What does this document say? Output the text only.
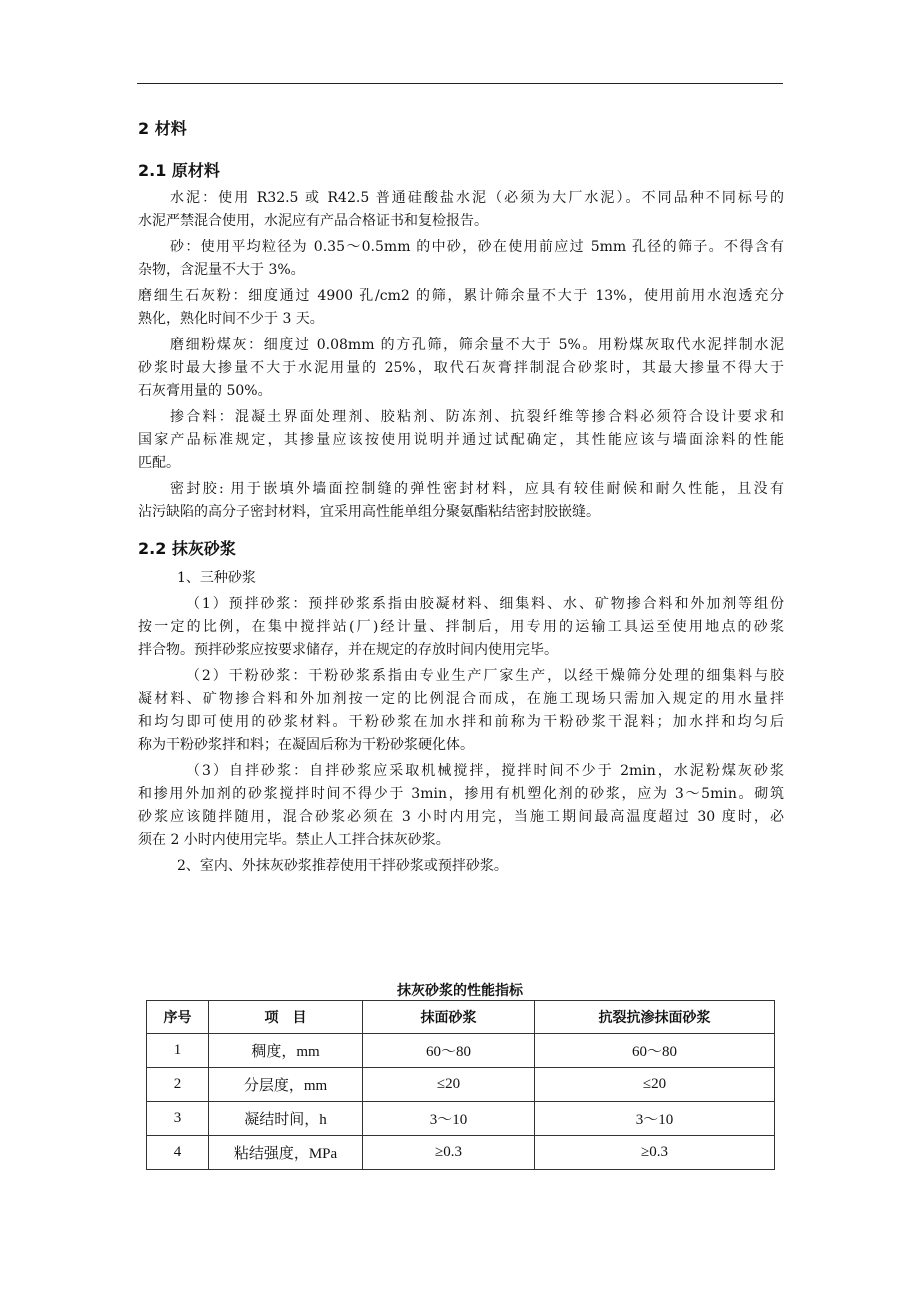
2 材料
2.1 原材料
水泥：使用 R32.5 或 R42.5 普通硅酸盐水泥（必须为大厂水泥）。不同品种不同标号的
水泥严禁混合使用，水泥应有产品合格证书和复检报告。
砂：使用平均粒径为 0.35～0.5mm 的中砂，砂在使用前应过 5mm 孔径的筛子。不得含有
杂物，含泥量不大于 3%。
磨细生石灰粉：细度通过 4900 孔/cm2 的筛，累计筛余量不大于 13%，使用前用水泡透充分
熟化，熟化时间不少于 3 天。
磨细粉煤灰：细度过 0.08mm 的方孔筛，筛余量不大于 5%。用粉煤灰取代水泥拌制水泥
砂浆时最大掺量不大于水泥用量的 25%，取代石灰膏拌制混合砂浆时，其最大掺量不得大于
石灰膏用量的 50%。
掺合料：混凝土界面处理剂、胶粘剂、防冻剂、抗裂纤维等掺合料必须符合设计要求和
国家产品标准规定，其掺量应该按使用说明并通过试配确定，其性能应该与墙面涂料的性能
匹配。
密封胶: 用于嵌填外墙面控制缝的弹性密封材料，应具有较佳耐候和耐久性能，且没有
沾污缺陷的高分子密封材料，宜采用高性能单组分聚氨酯粘结密封胶嵌缝。
2.2 抹灰砂浆
1、三种砂浆
（1）预拌砂浆：预拌砂浆系指由胶凝材料、细集料、水、矿物掺合料和外加剂等组份
按一定的比例，在集中搅拌站(厂)经计量、拌制后，用专用的运输工具运至使用地点的砂浆
拌合物。预拌砂浆应按要求储存，并在规定的存放时间内使用完毕。
（2）干粉砂浆：干粉砂浆系指由专业生产厂家生产，以经干燥筛分处理的细集料与胶
凝材料、矿物掺合料和外加剂按一定的比例混合而成，在施工现场只需加入规定的用水量拌
和均匀即可使用的砂浆材料。干粉砂浆在加水拌和前称为干粉砂浆干混料；加水拌和均匀后
称为干粉砂浆拌和料；在凝固后称为干粉砂浆硬化体。
（3）自拌砂浆：自拌砂浆应采取机械搅拌，搅拌时间不少于 2min，水泥粉煤灰砂浆
和掺用外加剂的砂浆搅拌时间不得少于 3min，掺用有机塑化剂的砂浆，应为 3～5min。砌筑
砂浆应该随拌随用，混合砂浆必须在 3 小时内用完，当施工期间最高温度超过 30 度时，必
须在 2 小时内使用完毕。禁止人工拌合抹灰砂浆。
2、室内、外抹灰砂浆推荐使用干拌砂浆或预拌砂浆。
抹灰砂浆的性能指标
序号	项　目	抹面砂浆	抗裂抗渗抹面砂浆
1	稠度，mm	60～80	60～80
2	分层度，mm	≤20	≤20
3	凝结时间，h	3～10	3～10
4	粘结强度，MPa	≥0.3	≥0.3
